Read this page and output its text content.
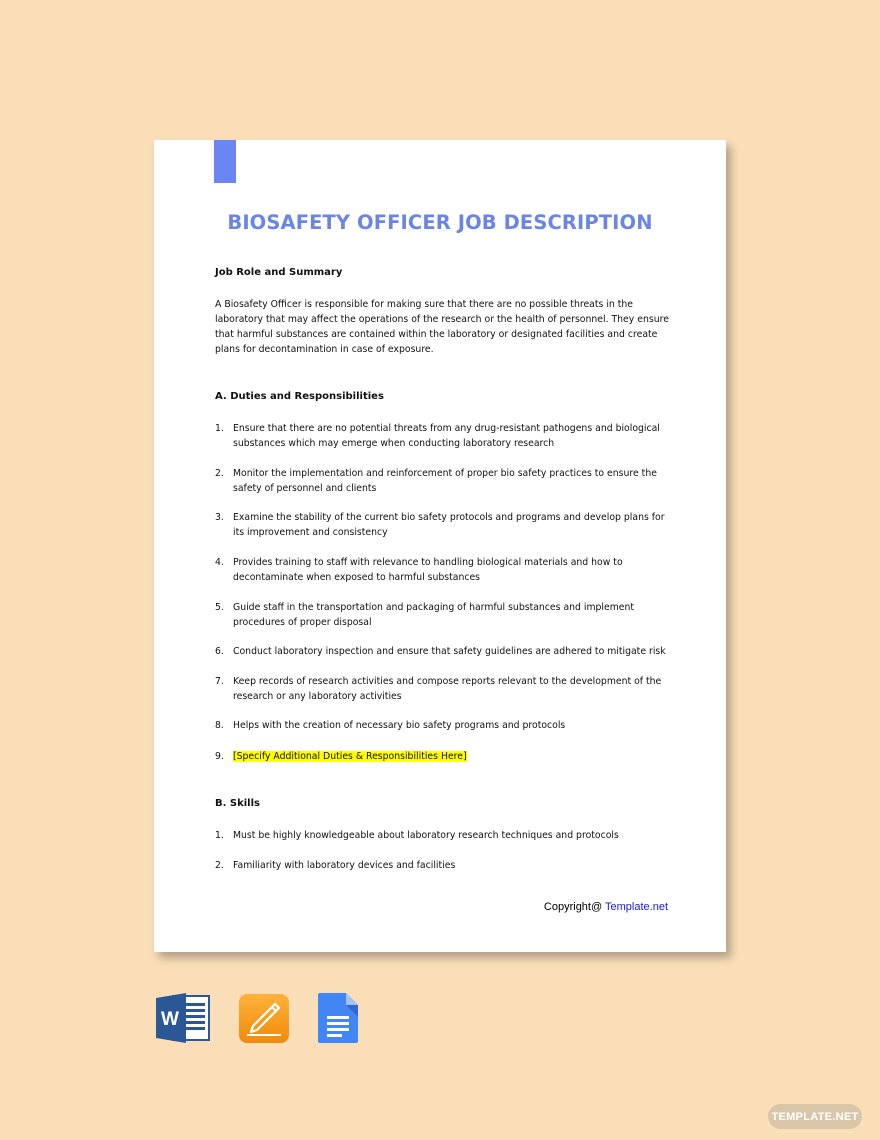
BIOSAFETY OFFICER JOB DESCRIPTION
Job Role and Summary
A Biosafety Officer is responsible for making sure that there are no possible threats in the laboratory that may affect the operations of the research or the health of personnel. They ensure that harmful substances are contained within the laboratory or designated facilities and create plans for decontamination in case of exposure.
A. Duties and Responsibilities
1. Ensure that there are no potential threats from any drug-resistant pathogens and biological substances which may emerge when conducting laboratory research
2. Monitor the implementation and reinforcement of proper bio safety practices to ensure the safety of personnel and clients
3. Examine the stability of the current bio safety protocols and programs and develop plans for its improvement and consistency
4. Provides training to staff with relevance to handling biological materials and how to decontaminate when exposed to harmful substances
5. Guide staff in the transportation and packaging of harmful substances and implement procedures of proper disposal
6. Conduct laboratory inspection and ensure that safety guidelines are adhered to mitigate risk
7. Keep records of research activities and compose reports relevant to the development of the research or any laboratory activities
8. Helps with the creation of necessary bio safety programs and protocols
9. [Specify Additional Duties & Responsibilities Here]
B. Skills
1. Must be highly knowledgeable about laboratory research techniques and protocols
2. Familiarity with laboratory devices and facilities
Copyright@ Template.net
W
TEMPLATE.NET
